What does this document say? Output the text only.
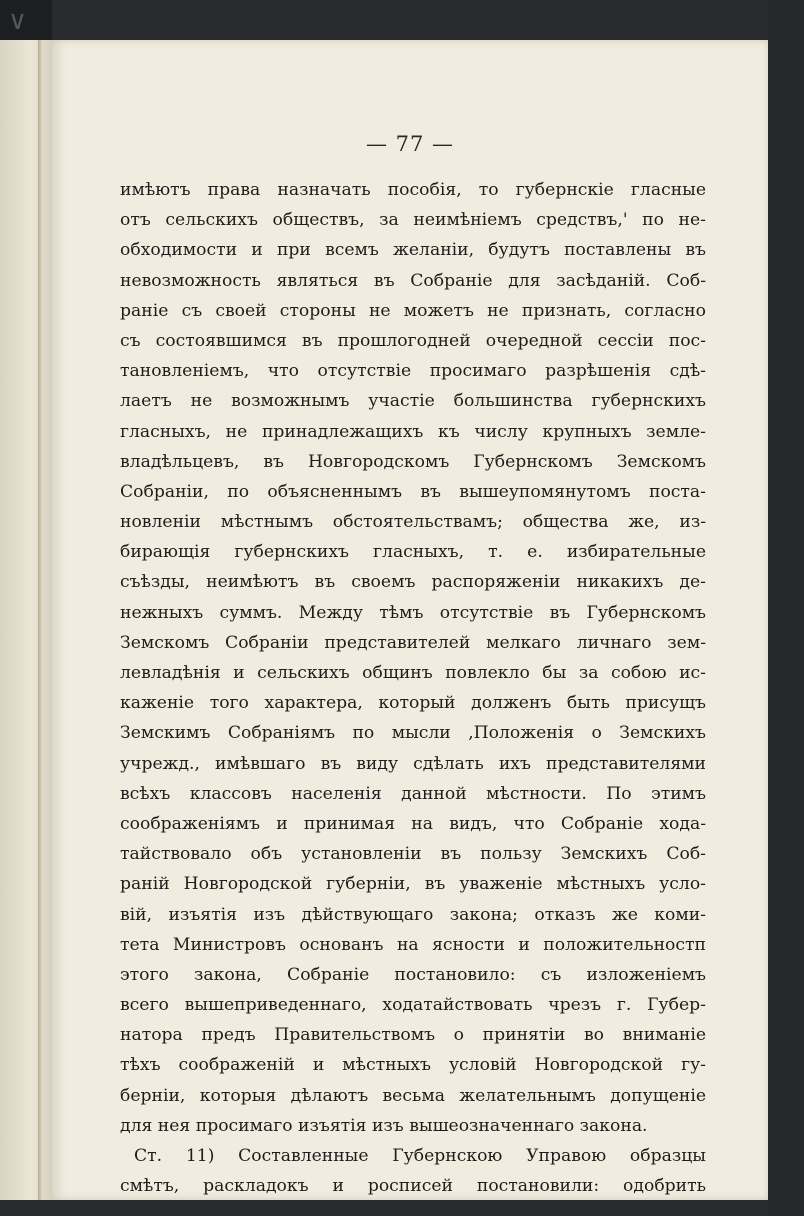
∨
— 77 —
имѣютъ права назначать пособія, то губернскіе гласные
отъ сельскихъ обществъ, за неимѣніемъ средствъ,' по не-
обходимости и при всемъ желаніи, будутъ поставлены въ
невозможность являться въ Собраніе для засѣданій. Соб-
раніе съ своей стороны не можетъ не признать, согласно
съ состоявшимся въ прошлогодней очередной сессіи пос-
тановленіемъ, что отсутствіе просимаго разрѣшенія сдѣ-
лаетъ не возможнымъ участіе большинства губернскихъ
гласныхъ, не принадлежащихъ къ числу крупныхъ земле-
владѣльцевъ, въ Новгородскомъ Губернскомъ Земскомъ
Собраніи, по объясненнымъ въ вышеупомянутомъ поста-
новленіи мѣстнымъ обстоятельствамъ; общества же, из-
бирающія губернскихъ гласныхъ, т. е. избирательные
съѣзды, неимѣютъ въ своемъ распоряженіи никакихъ де-
нежныхъ суммъ. Между тѣмъ отсутствіе въ Губернскомъ
Земскомъ Собраніи представителей мелкаго личнаго зем-
левладѣнія и сельскихъ общинъ повлекло бы за собою ис-
каженіе того характера, который долженъ быть присущъ
Земскимъ Собраніямъ по мысли ,Положенія о Земскихъ
учрежд., имѣвшаго въ виду сдѣлать ихъ представителями
всѣхъ классовъ населенія данной мѣстности. По этимъ
соображеніямъ и принимая на видъ, что Собраніе хода-
тайствовало объ установленіи въ пользу Земскихъ Соб-
раній Новгородской губерніи, въ уваженіе мѣстныхъ усло-
вій, изъятія изъ дѣйствующаго закона; отказъ же коми-
тета Министровъ основанъ на ясности и положительностп
этого закона, Собраніе постановило: съ изложеніемъ
всего вышеприведеннаго, ходатайствовать чрезъ г. Губер-
натора предъ Правительствомъ о принятіи во вниманіе
тѣхъ соображеній и мѣстныхъ условій Новгородской гу-
берніи, которыя дѣлаютъ весьма желательнымъ допущеніе
для нея просимаго изъятія изъ вышеозначеннаго закона.
Ст. 11) Составленные Губернскою Управою образцы
смѣтъ, раскладокъ и росписей постановили: одобрить
